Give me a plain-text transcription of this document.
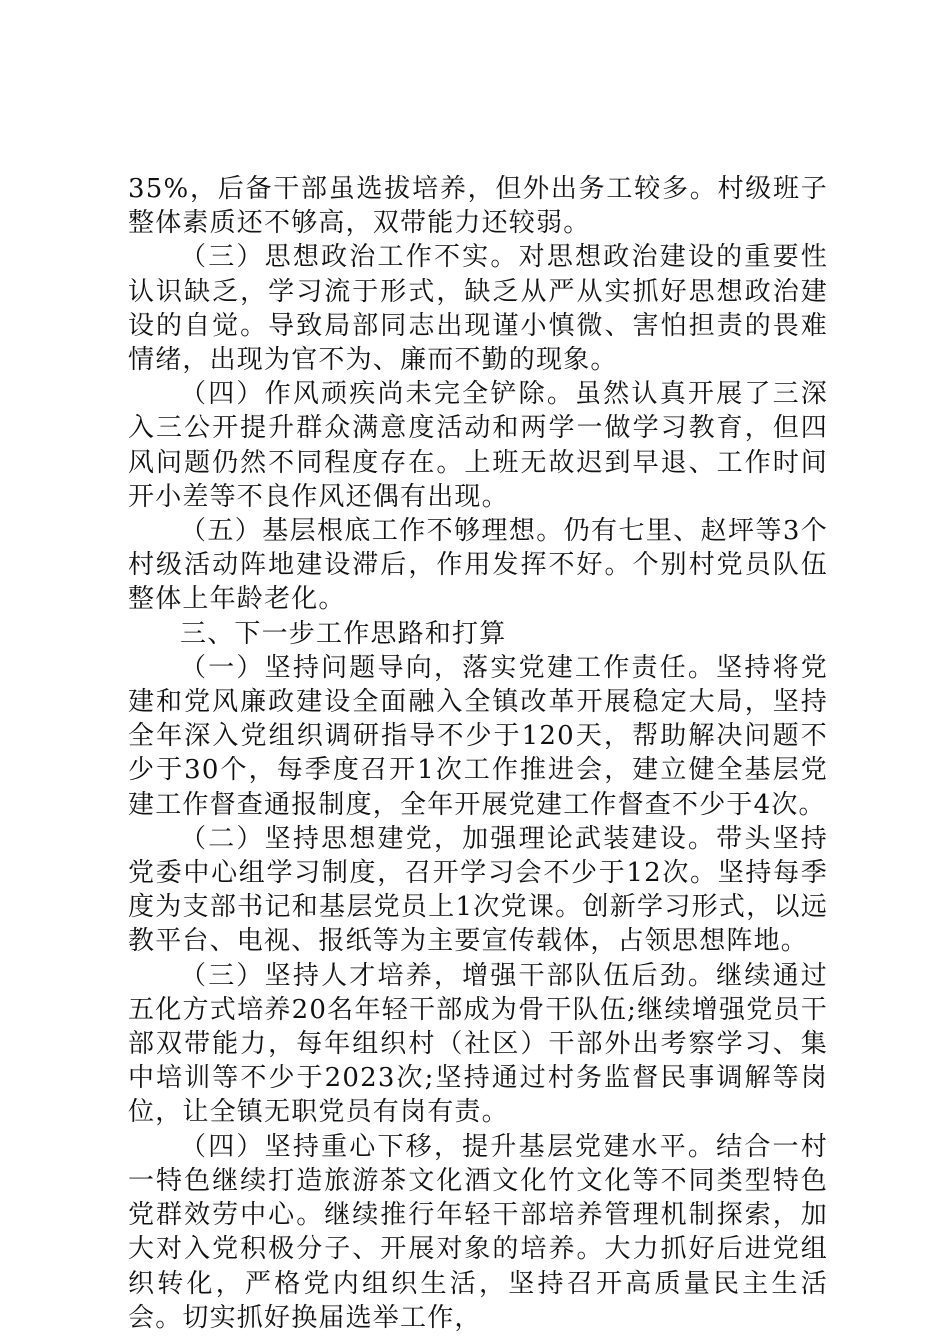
35%，后备干部虽选拔培养，但外出务工较多。村级班子整体素质还不够高，双带能力还较弱。

（三）思想政治工作不实。对思想政治建设的重要性认识缺乏，学习流于形式，缺乏从严从实抓好思想政治建设的自觉。导致局部同志出现谨小慎微、害怕担责的畏难情绪，出现为官不为、廉而不勤的现象。

（四）作风顽疾尚未完全铲除。虽然认真开展了三深入三公开提升群众满意度活动和两学一做学习教育，但四风问题仍然不同程度存在。上班无故迟到早退、工作时间开小差等不良作风还偶有出现。

（五）基层根底工作不够理想。仍有七里、赵坪等3个村级活动阵地建设滞后，作用发挥不好。个别村党员队伍整体上年龄老化。

三、下一步工作思路和打算

（一）坚持问题导向，落实党建工作责任。坚持将党建和党风廉政建设全面融入全镇改革开展稳定大局，坚持全年深入党组织调研指导不少于120天，帮助解决问题不少于30个，每季度召开1次工作推进会，建立健全基层党建工作督查通报制度，全年开展党建工作督查不少于4次。

（二）坚持思想建党，加强理论武装建设。带头坚持党委中心组学习制度，召开学习会不少于12次。坚持每季度为支部书记和基层党员上1次党课。创新学习形式，以远教平台、电视、报纸等为主要宣传载体，占领思想阵地。

（三）坚持人才培养，增强干部队伍后劲。继续通过五化方式培养20名年轻干部成为骨干队伍;继续增强党员干部双带能力，每年组织村（社区）干部外出考察学习、集中培训等不少于2023次;坚持通过村务监督民事调解等岗位，让全镇无职党员有岗有责。

（四）坚持重心下移，提升基层党建水平。结合一村一特色继续打造旅游茶文化酒文化竹文化等不同类型特色党群效劳中心。继续推行年轻干部培养管理机制探索，加大对入党积极分子、开展对象的培养。大力抓好后进党组织转化，严格党内组织生活，坚持召开高质量民主生活会。切实抓好换届选举工作，
